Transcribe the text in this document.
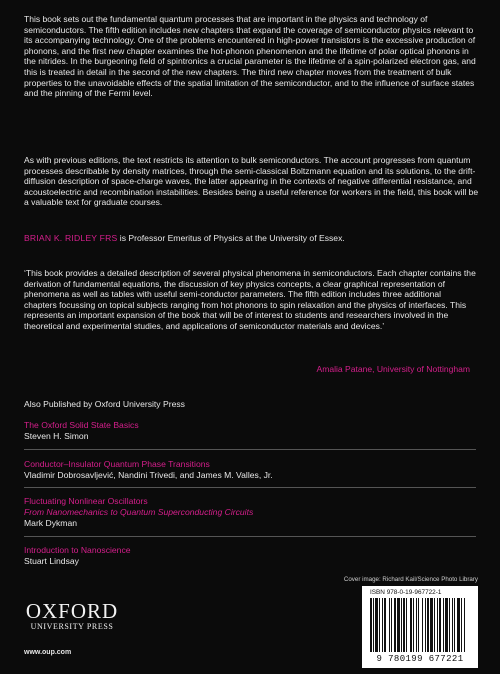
This book sets out the fundamental quantum processes that are important in the physics and technology of semiconductors. The fifth edition includes new chapters that expand the coverage of semiconductor physics relevant to its accompanying technology. One of the problems encountered in high-power transistors is the excessive production of phonons, and the first new chapter examines the hot-phonon phenomenon and the lifetime of polar optical phonons in the nitrides. In the burgeoning field of spintronics a crucial parameter is the lifetime of a spin-polarized electron gas, and this is treated in detail in the second of the new chapters. The third new chapter moves from the treatment of bulk properties to the unavoidable effects of the spatial limitation of the semiconductor, and to the influence of surface states and the pinning of the Fermi level.

As with previous editions, the text restricts its attention to bulk semiconductors. The account progresses from quantum processes describable by density matrices, through the semi-classical Boltzmann equation and its solutions, to the drift-diffusion description of space-charge waves, the latter appearing in the contexts of negative differential resistance, and acoustoelectric and recombination instabilities. Besides being a useful reference for workers in the field, this book will be a valuable text for graduate courses.

BRIAN K. RIDLEY FRS is Professor Emeritus of Physics at the University of Essex.

‘This book provides a detailed description of several physical phenomena in semiconductors. Each chapter contains the derivation of fundamental equations, the discussion of key physics concepts, a clear graphical representation of phenomena as well as tables with useful semi-conductor parameters. The fifth edition includes three additional chapters focussing on topical subjects ranging from hot phonons to spin relaxation and the physics of interfaces. This represents an important expansion of the book that will be of interest to students and researchers involved in the theoretical and experimental studies, and applications of semiconductor materials and devices.’

Amalia Patane, University of Nottingham

Also Published by Oxford University Press

The Oxford Solid State Basics
Steven H. Simon
Conductor–Insulator Quantum Phase Transitions
Vladimir Dobrosavljević, Nandini Trivedi, and James M. Valles, Jr.
Fluctuating Nonlinear Oscillators
From Nanomechanics to Quantum Superconducting Circuits
Mark Dykman
Introduction to Nanoscience
Stuart Lindsay
Cover image: Richard Kail/Science Photo Library
OXFORD
UNIVERSITY PRESS
www.oup.com
ISBN 978-0-19-967722-1
9 780199 677221
